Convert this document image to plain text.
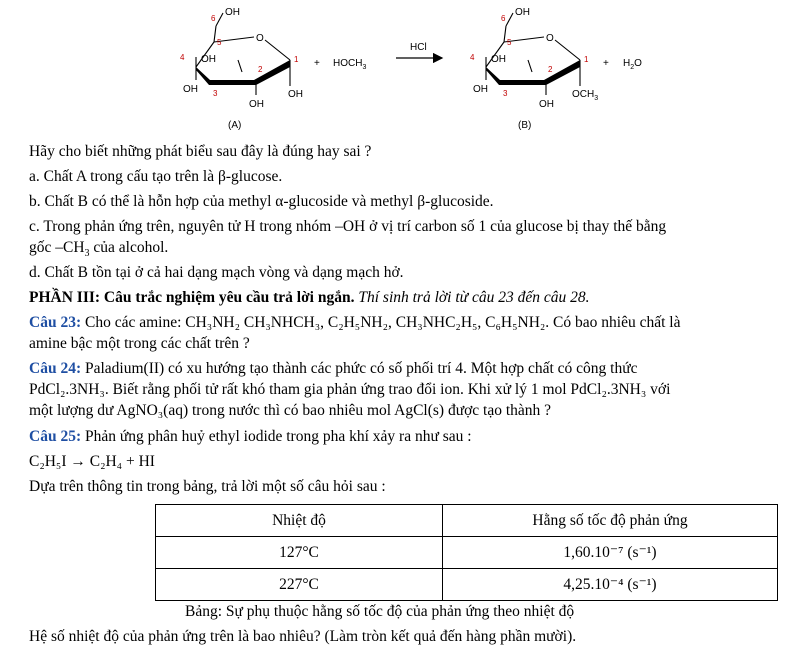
OH
6
5	O
4 OH
OH 3
2
1
OH
OH
(A)
+ $HOCH_3$
HCl
OH
6
5	O
4 OH
OH 3
2
1
$OCH_3$
OH
(B)
+ $H_2O$
Hãy cho biết những phát biểu sau đây là đúng hay sai ?
a. Chất A trong cấu tạo trên là β-glucose.
b. Chất B có thể là hỗn hợp của methyl α-glucoside và methyl β-glucoside.
c. Trong phản ứng trên, nguyên tử H trong nhóm –OH ở vị trí carbon số 1 của glucose bị thay thế bằng
gốc $-CH_3$ của alcohol.
d. Chất B tồn tại ở cả hai dạng mạch vòng và dạng mạch hở.
PHẦN III: Câu trắc nghiệm yêu cầu trả lời ngắn. Thí sinh trả lời từ câu 23 đến câu 28.
Câu 23: Cho các amine: CH₃NH₂ CH₃NHCH₃, C₂H₅NH₂, CH₃NHC₂H₅, C₆H₅NH₂. Có bao nhiêu chất là
amine bậc một trong các chất trên ?
Câu 24: Paladium(II) có xu hướng tạo thành các phức có số phối trí 4. Một hợp chất có công thức
PdCl₂.3NH₃. Biết rằng phối tử rất khó tham gia phản ứng trao đổi ion. Khi xử lý 1 mol PdCl₂.3NH₃ với
một lượng dư AgNO₃(aq) trong nước thì có bao nhiêu mol AgCl(s) được tạo thành ?
Câu 25: Phản ứng phân huỷ ethyl iodide trong pha khí xảy ra như sau :
C₂H₅I → C₂H₄ + HI
Dựa trên thông tin trong bảng, trả lời một số câu hỏi sau :
Nhiệt độ	Hằng số tốc độ phản ứng
127°C	1,60.10⁻⁷ (s⁻¹)
227°C	4,25.10⁻⁴ (s⁻¹)
Bảng: Sự phụ thuộc hằng số tốc độ của phản ứng theo nhiệt độ
Hệ số nhiệt độ của phản ứng trên là bao nhiêu? (Làm tròn kết quả đến hàng phần mười).
